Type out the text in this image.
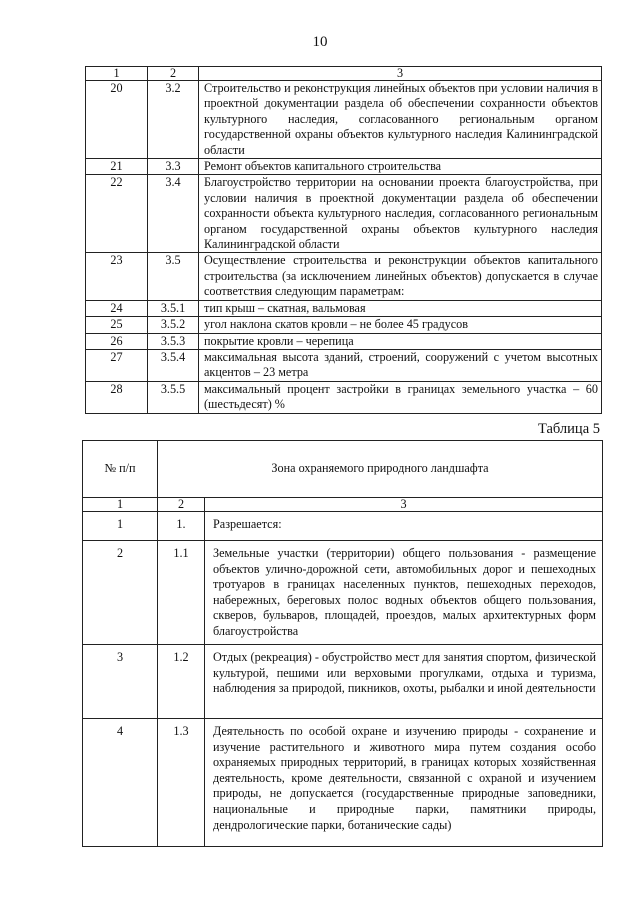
10
1	2	3
20	3.2	Строительство и реконструкция линейных объектов при условии наличия в проектной документации раздела об обеспечении сохранности объектов культурного наследия, согласованного региональным органом государственной охраны объектов культурного наследия Калининградской области
21	3.3	Ремонт объектов капитального строительства
22	3.4	Благоустройство территории на основании проекта благоустройства, при условии наличия в проектной документации раздела об обеспечении сохранности объекта культурного наследия, согласованного региональным органом государственной охраны объектов культурного наследия Калининградской области
23	3.5	Осуществление строительства и реконструкции объектов капитального строительства (за исключением линейных объектов) допускается в случае соответствия следующим параметрам:
24	3.5.1	тип крыш – скатная, вальмовая
25	3.5.2	угол наклона скатов кровли – не более 45 градусов
26	3.5.3	покрытие кровли – черепица
27	3.5.4	максимальная высота зданий, строений, сооружений с учетом высотных акцентов – 23 метра
28	3.5.5	максимальный процент застройки в границах земельного участка – 60 (шестьдесят) %
Таблица 5
№ п/п	Зона охраняемого природного ландшафта	
1	2	3
1	1.	Разрешается:
2	1.1	Земельные участки (территории) общего пользования - размещение объектов улично-дорожной сети, автомобильных дорог и пешеходных тротуаров в границах населенных пунктов, пешеходных переходов, набережных, береговых полос водных объектов общего пользования, скверов, бульваров, площадей, проездов, малых архитектурных форм благоустройства
3	1.2	Отдых (рекреация) - обустройство мест для занятия спортом, физической культурой, пешими или верховыми прогулками, отдыха и туризма, наблюдения за природой, пикников, охоты, рыбалки и иной деятельности
4	1.3	Деятельность по особой охране и изучению природы - сохранение и изучение растительного и животного мира путем создания особо охраняемых природных территорий, в границах которых хозяйственная деятельность, кроме деятельности, связанной с охраной и изучением природы, не допускается (государственные природные заповедники, национальные и природные парки, памятники природы, дендрологические парки, ботанические сады)
